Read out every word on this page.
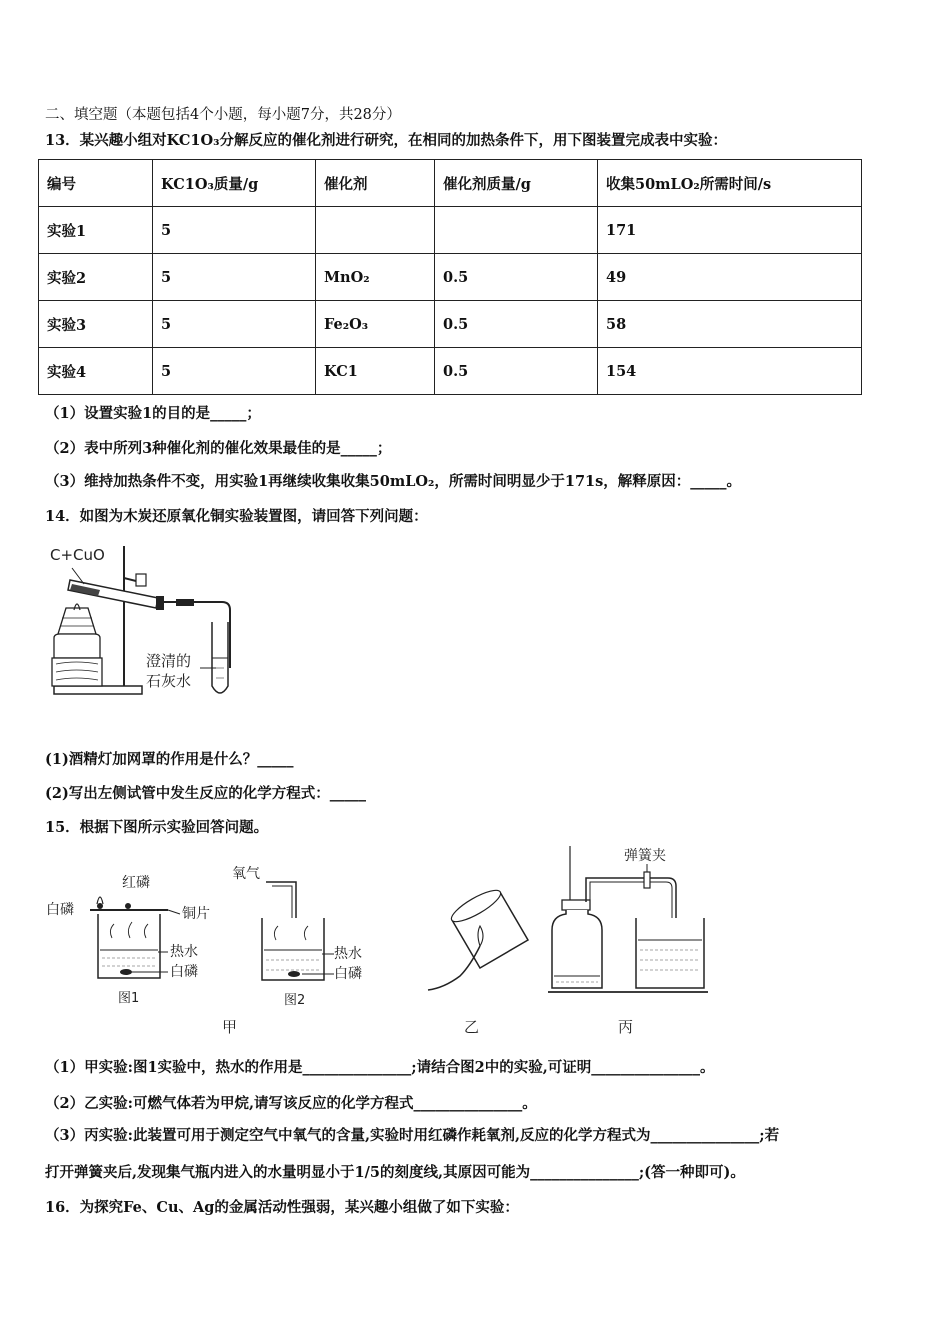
二、填空题（本题包括4个小题，每小题7分，共28分）
13．某兴趣小组对KC1O₃分解反应的催化剂进行研究，在相同的加热条件下，用下图装置完成表中实验：
编号	KC1O₃质量/g	催化剂	催化剂质量/g	收集50mLO₂所需时间/s
实验1	5			171
实验2	5	MnO₂	0.5	49
实验3	5	Fe₂O₃	0.5	58
实验4	5	KC1	0.5	154
（1）设置实验1的目的是_____；
（2）表中所列3种催化剂的催化效果最佳的是_____；
（3）维持加热条件不变，用实验1再继续收集收集50mLO₂，所需时间明显少于171s，解释原因：_____。
14．如图为木炭还原氧化铜实验装置图，请回答下列问题：
C+CuO
澄清的
石灰水
(1)酒精灯加网罩的作用是什么？_____
(2)写出左侧试管中发生反应的化学方程式：_____
15．根据下图所示实验回答问题。
红磷
白磷	铜片
热水
白磷
图1
氧气
热水
白磷
图2
甲	乙
弹簧夹
丙
（1）甲实验:图1实验中，热水的作用是_______________;请结合图2中的实验,可证明_______________。
（2）乙实验:可燃气体若为甲烷,请写该反应的化学方程式_______________。
（3）丙实验:此装置可用于测定空气中氧气的含量,实验时用红磷作耗氧剂,反应的化学方程式为_______________;若
打开弹簧夹后,发现集气瓶内进入的水量明显小于1/5的刻度线,其原因可能为_______________;(答一种即可)。
16．为探究Fe、Cu、Ag的金属活动性强弱，某兴趣小组做了如下实验：
